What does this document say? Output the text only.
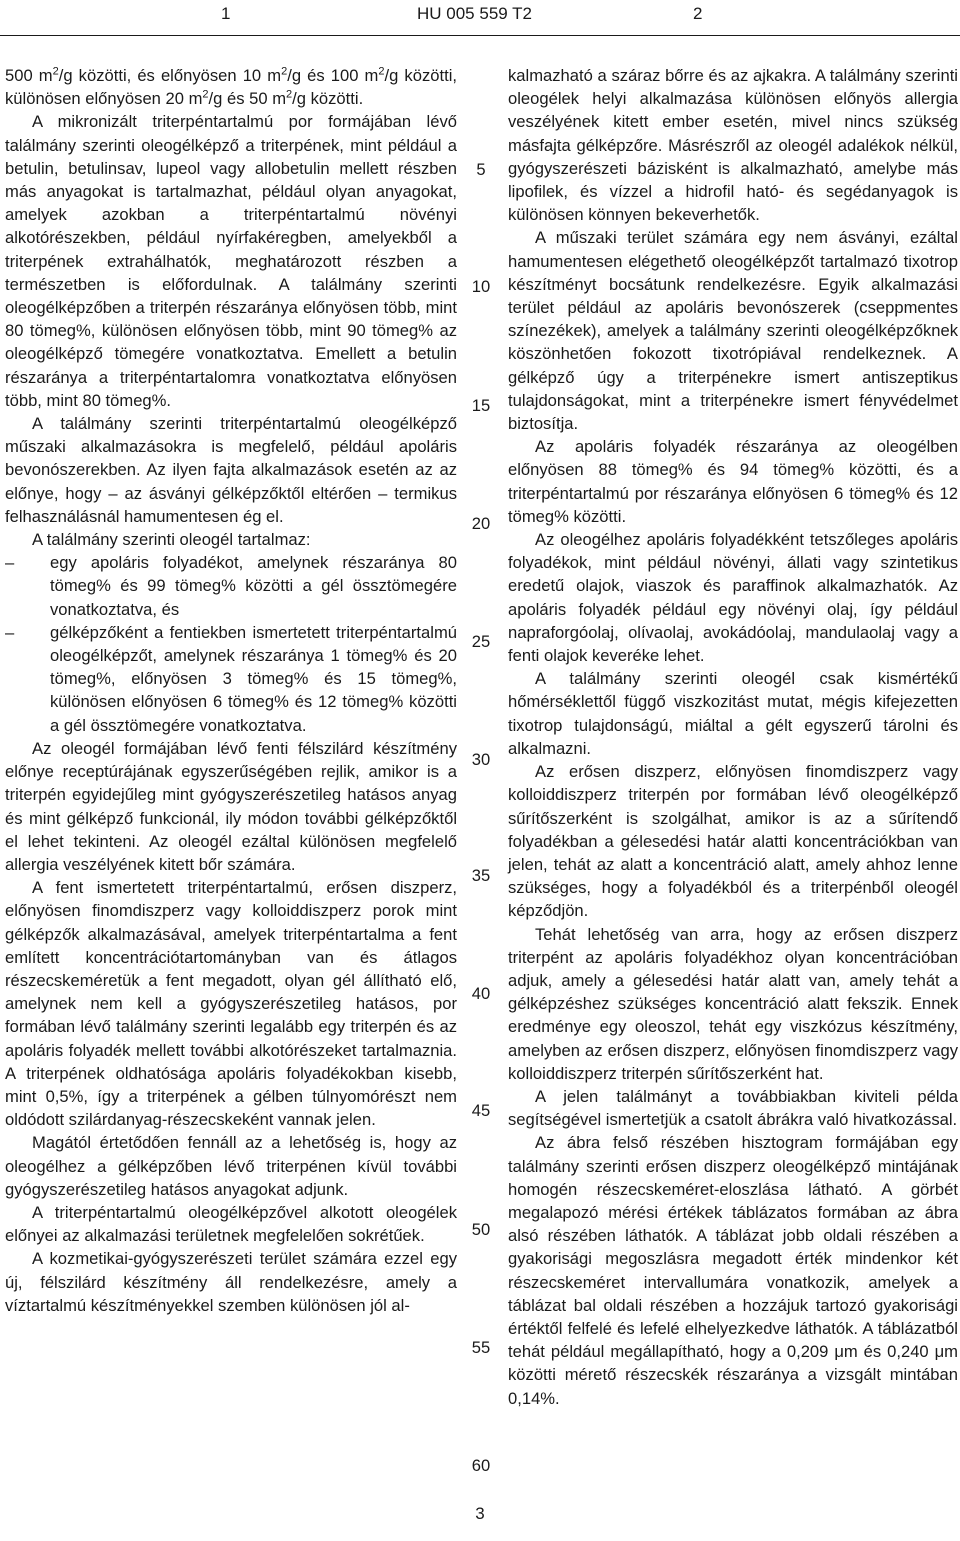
1	HU 005 559 T2	2

500 $m^2/g$ közötti, és előnyösen 10 $m^2/g$ és 100 $m^2/g$ közötti, különösen előnyösen 20 $m^2/g$ és 50 $m^2/g$ közötti.

A mikronizált triterpéntartalmú por formájában lévő találmány szerinti oleogélképző a triterpének, mint például a betulin, betulinsav, lupeol vagy allobetulin mellett részben más anyagokat is tartalmazhat, például olyan anyagokat, amelyek azokban a triterpéntartalmú növényi alkotórészekben, például nyírfakéregben, amelyekből a triterpének extrahálhatók, meghatározott részben a természetben is előfordulnak. A találmány szerinti oleogélképzőben a triterpén részaránya előnyösen több, mint 80 tömeg%, különösen előnyösen több, mint 90 tömeg% az oleogélképző tömegére vonatkoztatva. Emellett a betulin részaránya a triterpéntartalomra vonatkoztatva előnyösen több, mint 80 tömeg%.

A találmány szerinti triterpéntartalmú oleogélképző műszaki alkalmazásokra is megfelelő, például apoláris bevonószerekben. Az ilyen fajta alkalmazások esetén az az előnye, hogy – az ásványi gélképzőktől eltérően – termikus felhasználásnál hamumentesen ég el.

A találmány szerinti oleogél tartalmaz:

– egy apoláris folyadékot, amelynek részaránya 80 tömeg% és 99 tömeg% közötti a gél össztömegére vonatkoztatva, és
– gélképzőként a fentiekben ismertetett triterpéntartalmú oleogélképzőt, amelynek részaránya 1 tömeg% és 20 tömeg%, előnyösen 3 tömeg% és 15 tömeg%, különösen előnyösen 6 tömeg% és 12 tömeg% közötti a gél össztömegére vonatkoztatva.

Az oleogél formájában lévő fenti félszilárd készítmény előnye receptúrájának egyszerűségében rejlik, amikor is a triterpén egyidejűleg mint gyógyszerészetileg hatásos anyag és mint gélképző funkcionál, ily módon további gélképzőktől el lehet tekinteni. Az oleogél ezáltal különösen megfelelő allergia veszélyének kitett bőr számára.

A fent ismertetett triterpéntartalmú, erősen diszperz, előnyösen finomdiszperz vagy kolloiddiszperz porok mint gélképzők alkalmazásával, amelyek triterpéntartalma a fent említett koncentrációtartományban van és átlagos részecskeméretük a fent megadott, olyan gél állítható elő, amelynek nem kell a gyógyszerészetileg hatásos, por formában lévő találmány szerinti legalább egy triterpén és az apoláris folyadék mellett további alkotórészeket tartalmaznia. A triterpének oldhatósága apoláris folyadékokban kisebb, mint 0,5%, így a triterpének a gélben túlnyomórészt nem oldódott szilárdanyag-részecskeként vannak jelen.

Magától értetődően fennáll az a lehetőség is, hogy az oleogélhez a gélképzőben lévő triterpénen kívül további gyógyszerészetileg hatásos anyagokat adjunk.

A triterpéntartalmú oleogélképzővel alkotott oleogélek előnyei az alkalmazási területnek megfelelően sokrétűek.

A kozmetikai-gyógyszerészeti terület számára ezzel egy új, félszilárd készítmény áll rendelkezésre, amely a víztartalmú készítményekkel szemben különösen jól al-

kalmazható a száraz bőrre és az ajkakra. A találmány szerinti oleogélek helyi alkalmazása különösen előnyös allergia veszélyének kitett ember esetén, mivel nincs szükség másfajta gélképzőre. Másrészről az oleogél adalékok nélkül, gyógyszerészeti bázisként is alkalmazható, amelybe más lipofilek, és vízzel a hidrofil ható- és segédanyagok is különösen könnyen bekeverhetők.

A műszaki terület számára egy nem ásványi, ezáltal hamumentesen elégethető oleogélképzőt tartalmazó tixotrop készítményt bocsátunk rendelkezésre. Egyik alkalmazási terület például az apoláris bevonószerek (cseppmentes színezékek), amelyek a találmány szerinti oleogélképzőknek köszönhetően fokozott tixotrópiával rendelkeznek. A gélképző úgy a triterpénekre ismert antiszeptikus tulajdonságokat, mint a triterpénekre ismert fényvédelmet biztosítja.

Az apoláris folyadék részaránya az oleogélben előnyösen 88 tömeg% és 94 tömeg% közötti, és a triterpéntartalmú por részaránya előnyösen 6 tömeg% és 12 tömeg% közötti.

Az oleogélhez apoláris folyadékként tetszőleges apoláris folyadékok, mint például növényi, állati vagy szintetikus eredetű olajok, viaszok és paraffinok alkalmazhatók. Az apoláris folyadék például egy növényi olaj, így például napraforgóolaj, olívaolaj, avokádóolaj, mandulaolaj vagy a fenti olajok keveréke lehet.

A találmány szerinti oleogél csak kismértékű hőmérséklettől függő viszkozitást mutat, mégis kifejezetten tixotrop tulajdonságú, miáltal a gélt egyszerű tárolni és alkalmazni.

Az erősen diszperz, előnyösen finomdiszperz vagy kolloiddiszperz triterpén por formában lévő oleogélképző sűrítőszerként is szolgálhat, amikor is az a sűrítendő folyadékban a gélesedési határ alatti koncentrációkban van jelen, tehát az alatt a koncentráció alatt, amely ahhoz lenne szükséges, hogy a folyadékból és a triterpénből oleogél képződjön.

Tehát lehetőség van arra, hogy az erősen diszperz triterpént az apoláris folyadékhoz olyan koncentrációban adjuk, amely a gélesedési határ alatt van, amely tehát a gélképzéshez szükséges koncentráció alatt fekszik. Ennek eredménye egy oleoszol, tehát egy viszkózus készítmény, amelyben az erősen diszperz, előnyösen finomdiszperz vagy kolloiddiszperz triterpén sűrítőszerként hat.

A jelen találmányt a továbbiakban kiviteli példa segítségével ismertetjük a csatolt ábrákra való hivatkozással.

Az ábra felső részében hisztogram formájában egy találmány szerinti erősen diszperz oleogélképző mintájának homogén részecskeméret-eloszlása látható. A görbét megalapozó mérési értékek táblázatos formában az ábra alsó részében láthatók. A táblázat jobb oldali részében a gyakorisági megoszlásra megadott érték mindenkor két részecskeméret intervallumára vonatkozik, amelyek a táblázat bal oldali részében a hozzájuk tartozó gyakorisági értéktől felfelé és lefelé elhelyezkedve láthatók. A táblázatból tehát például megállapítható, hogy a 0,209 μm és 0,240 μm közötti mérető részecskék részaránya a vizsgált mintában 0,14%.

5
10
15
20
25
30
35
40
45
50
55
60
3
